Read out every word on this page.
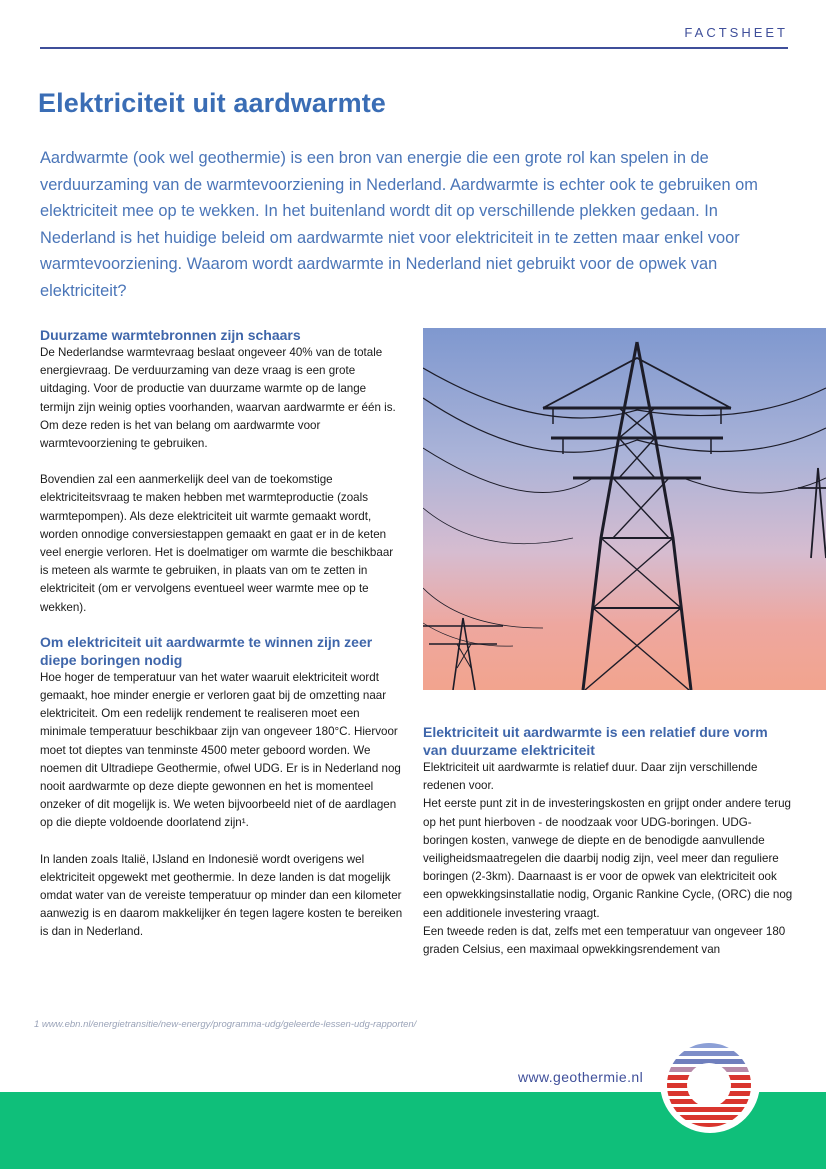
FACTSHEET
Elektriciteit uit aardwarmte

Aardwarmte (ook wel geothermie) is een bron van energie die een grote rol kan spelen in de verduurzaming van de warmtevoorziening in Nederland. Aardwarmte is echter ook te gebruiken om elektriciteit mee op te wekken. In het buitenland wordt dit op verschillende plekken gedaan. In Nederland is het huidige beleid om aardwarmte niet voor elektriciteit in te zetten maar enkel voor warmtevoorziening. Waarom wordt aardwarmte in Nederland niet gebruikt voor de opwek van elektriciteit?

Duurzame warmtebronnen zijn schaars

De Nederlandse warmtevraag beslaat ongeveer 40% van de totale energievraag. De verduurzaming van deze vraag is een grote uitdaging. Voor de productie van duurzame warmte op de lange termijn zijn weinig opties voorhanden, waarvan aardwarmte er één is. Om deze reden is het van belang om aardwarmte voor warmtevoorziening te gebruiken.

Bovendien zal een aanmerkelijk deel van de toekomstige elektriciteitsvraag te maken hebben met warmteproductie (zoals warmtepompen). Als deze elektriciteit uit warmte gemaakt wordt, worden onnodige conversiestappen gemaakt en gaat er in de keten veel energie verloren. Het is doelmatiger om warmte die beschikbaar is meteen als warmte te gebruiken, in plaats van om te zetten in elektriciteit (om er vervolgens eventueel weer warmte mee op te wekken).

Om elektriciteit uit aardwarmte te winnen zijn zeer diepe boringen nodig

Hoe hoger de temperatuur van het water waaruit elektriciteit wordt gemaakt, hoe minder energie er verloren gaat bij de omzetting naar elektriciteit. Om een redelijk rendement te realiseren moet een minimale temperatuur beschikbaar zijn van ongeveer 180°C. Hiervoor moet tot dieptes van tenminste 4500 meter geboord worden. We noemen dit Ultradiepe Geothermie, ofwel UDG. Er is in Nederland nog nooit aardwarmte op deze diepte gewonnen en het is momenteel onzeker of dit mogelijk is. We weten bijvoorbeeld niet of de aardlagen op die diepte voldoende doorlatend zijn¹.

In landen zoals Italië, IJsland en Indonesië wordt overigens wel elektriciteit opgewekt met geothermie. In deze landen is dat mogelijk omdat water van de vereiste temperatuur op minder dan een kilometer aanwezig is en daarom makkelijker én tegen lagere kosten te bereiken is dan in Nederland.

Elektriciteit uit aardwarmte is een relatief dure vorm van duurzame elektriciteit

Elektriciteit uit aardwarmte is relatief duur. Daar zijn verschillende redenen voor.

Het eerste punt zit in de investeringskosten en grijpt onder andere terug op het punt hierboven - de noodzaak voor UDG-boringen. UDG-boringen kosten, vanwege de diepte en de benodigde aanvullende veiligheidsmaatregelen die daarbij nodig zijn, veel meer dan reguliere boringen (2-3km). Daarnaast is er voor de opwek van elektriciteit ook een opwekkingsinstallatie nodig, Organic Rankine Cycle, (ORC) die nog een additionele investering vraagt.

Een tweede reden is dat, zelfs met een temperatuur van ongeveer 180 graden Celsius, een maximaal opwekkingsrendement van

1 www.ebn.nl/energietransitie/new-energy/programma-udg/geleerde-lessen-udg-rapporten/
www.geothermie.nl
